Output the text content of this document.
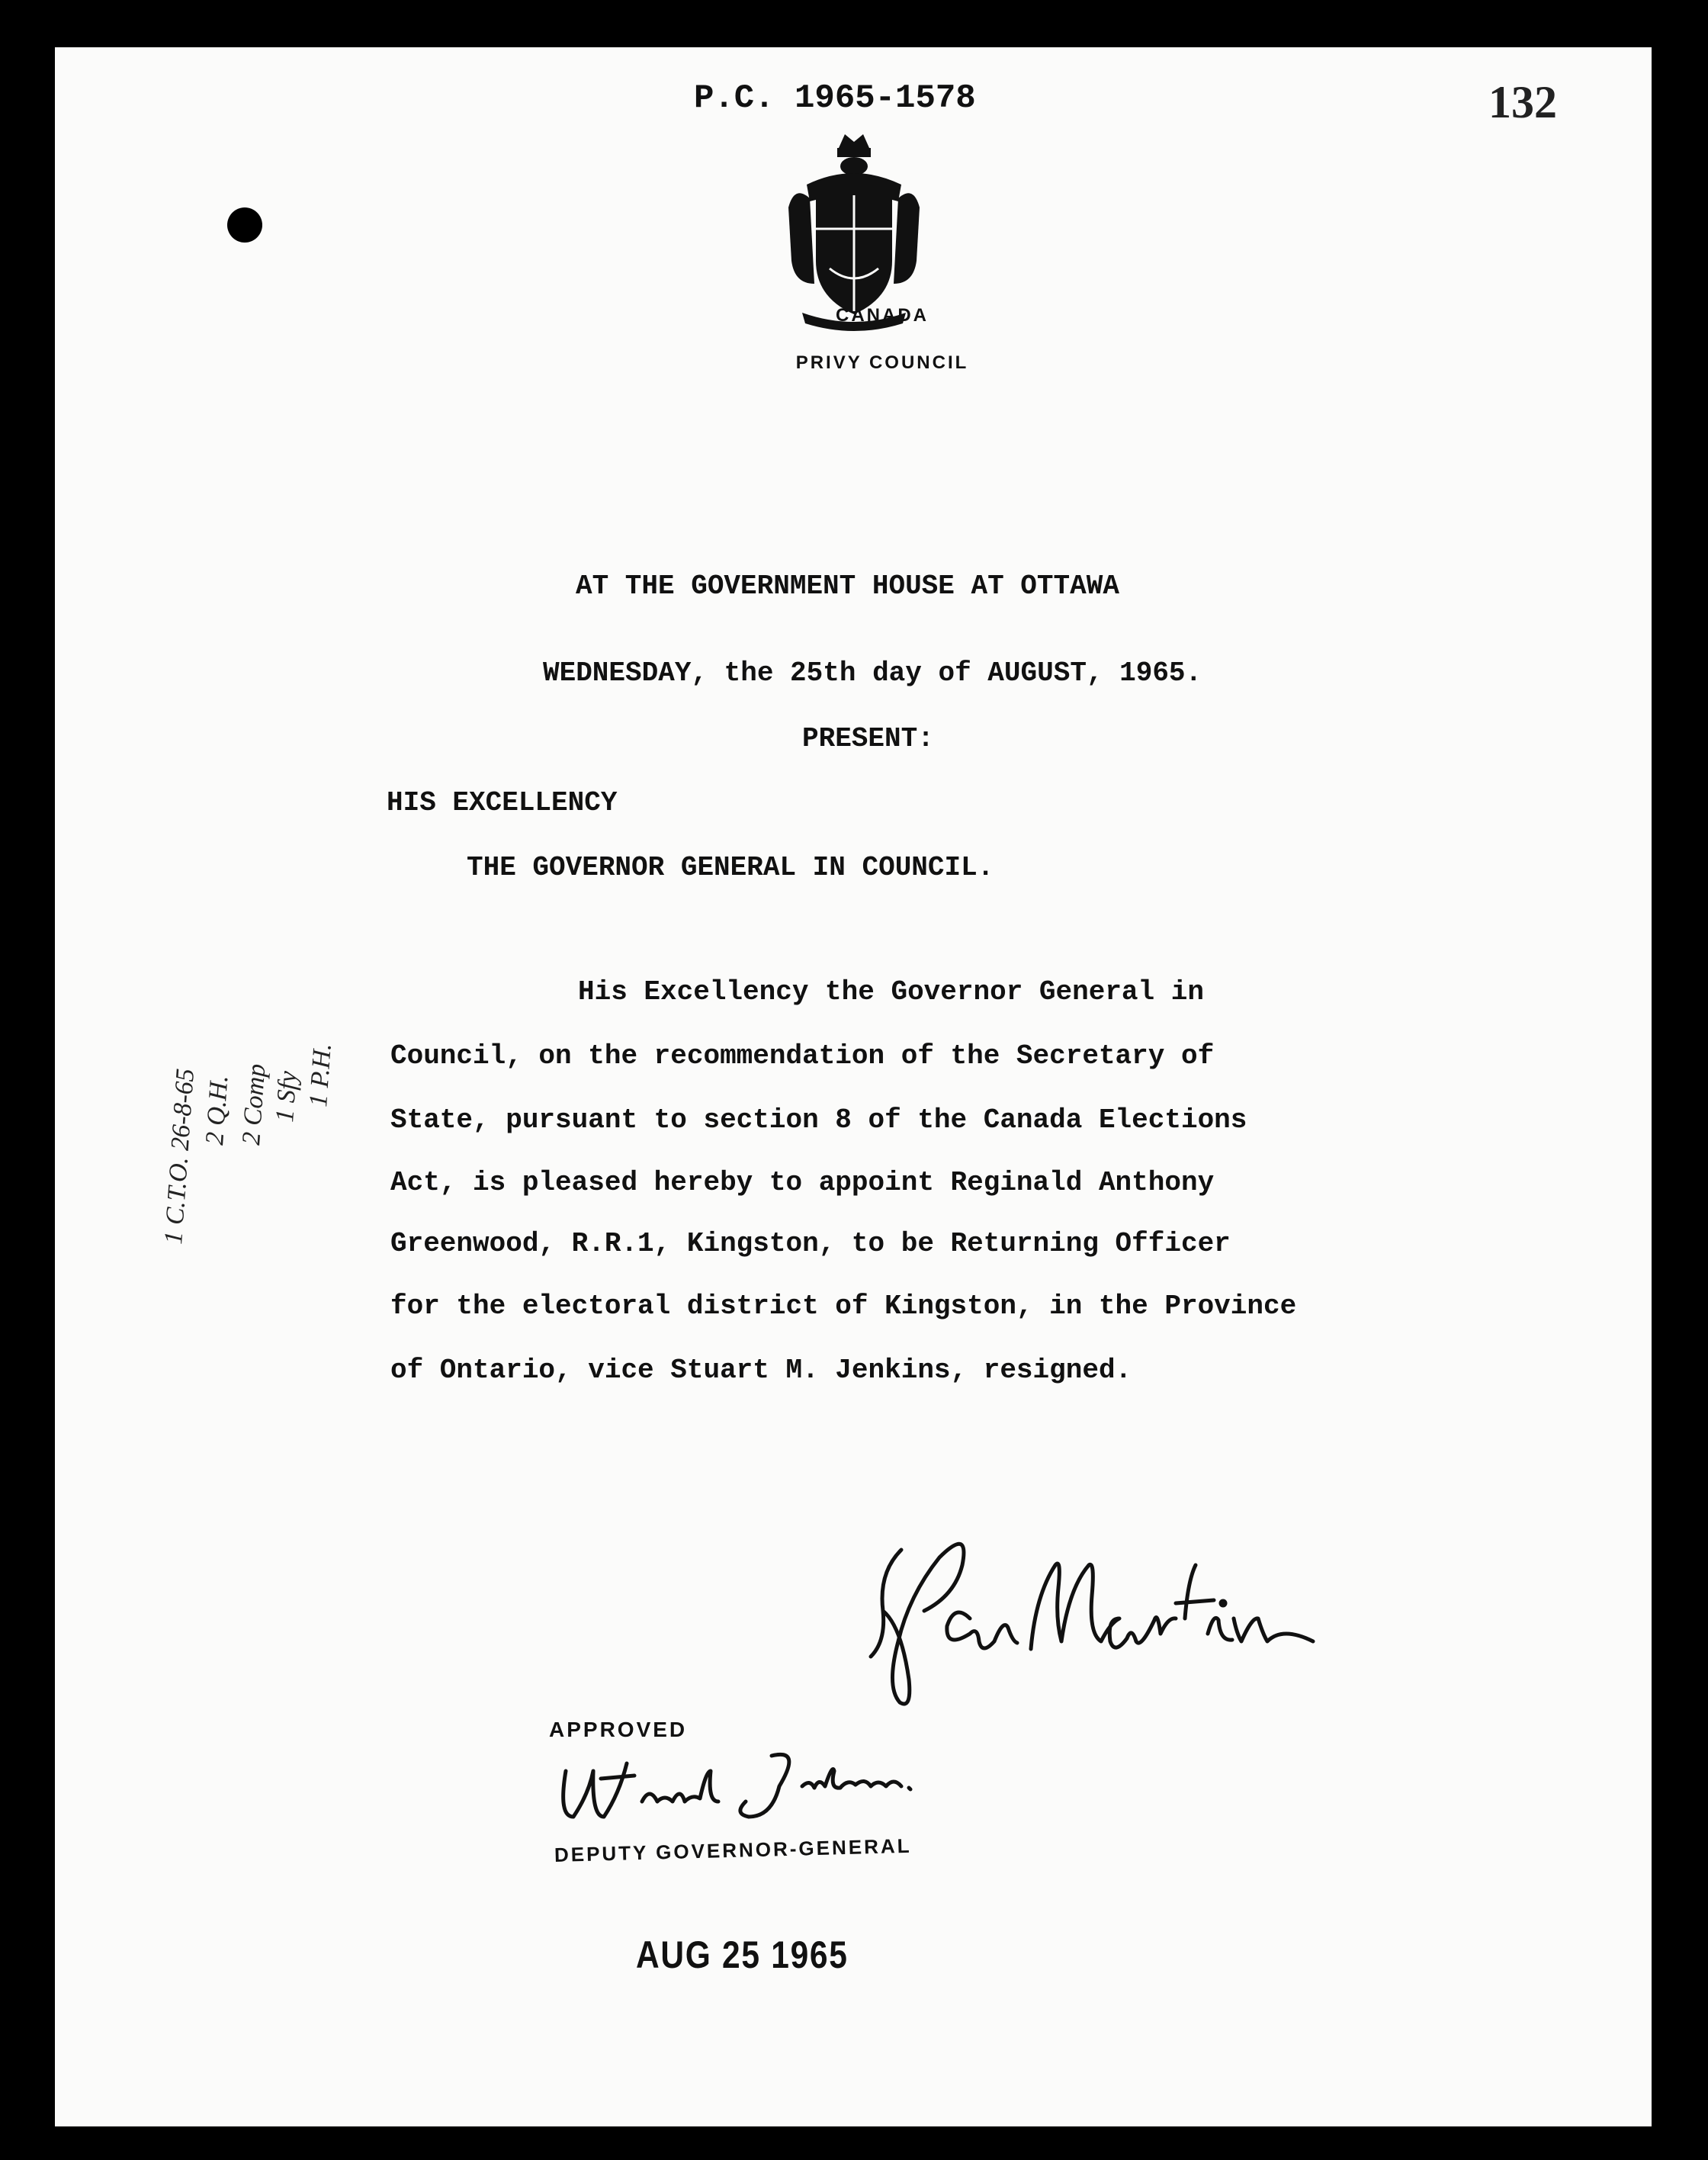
P.C. 1965-1578	132
CANADA
PRIVY COUNCIL
AT THE GOVERNMENT HOUSE AT OTTAWA
WEDNESDAY, the 25th day of AUGUST, 1965.
PRESENT:
HIS EXCELLENCY
THE GOVERNOR GENERAL IN COUNCIL.
His Excellency the Governor General in
Council, on the recommendation of the Secretary of
State, pursuant to section 8 of the Canada Elections
Act, is pleased hereby to appoint Reginald Anthony
Greenwood, R.R.1, Kingston, to be Returning Officer
for the electoral district of Kingston, in the Province
of Ontario, vice Stuart M. Jenkins, resigned.
1 C.T.O. 26-8-65 2 Q.H. 2 Comp 1 Sfy 1 P.H.
APPROVED
DEPUTY GOVERNOR-GENERAL
AUG 25 1965
